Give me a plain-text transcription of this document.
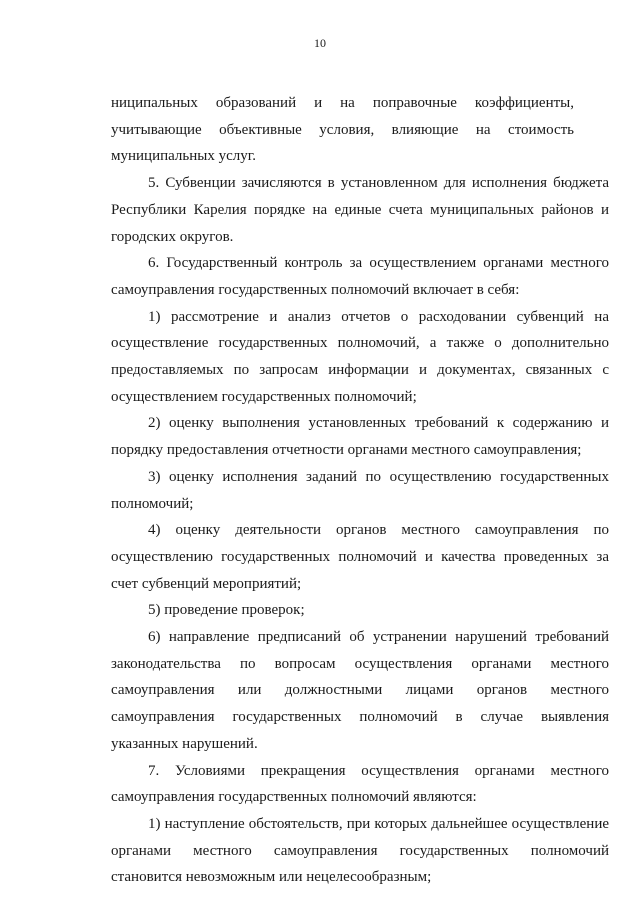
10

ниципальных образований и на поправочные коэффициенты, учитывающие объективные условия, влияющие на стоимость муниципальных услуг.

5. Субвенции зачисляются в установленном для исполнения бюджета Республики Карелия порядке на единые счета муниципальных районов и городских округов.

6. Государственный контроль за осуществлением органами местного самоуправления государственных полномочий включает в себя:

1) рассмотрение и анализ отчетов о расходовании субвенций на осуществление государственных полномочий, а также о дополнительно предоставляемых по запросам информации и документах, связанных с осуществлением государственных полномочий;

2) оценку выполнения установленных требований к содержанию и порядку предоставления отчетности органами местного самоуправления;

3) оценку исполнения заданий по осуществлению государственных полномочий;

4) оценку деятельности органов местного самоуправления по осуществлению государственных полномочий и качества проведенных за счет субвенций мероприятий;

5) проведение проверок;

6) направление предписаний об устранении нарушений требований законодательства по вопросам осуществления органами местного самоуправления или должностными лицами органов местного самоуправления государственных полномочий в случае выявления указанных нарушений.

7. Условиями прекращения осуществления органами местного самоуправления государственных полномочий являются:

1) наступление обстоятельств, при которых дальнейшее осуществление органами местного самоуправления государственных полномочий становится невозможным или нецелесообразным;
